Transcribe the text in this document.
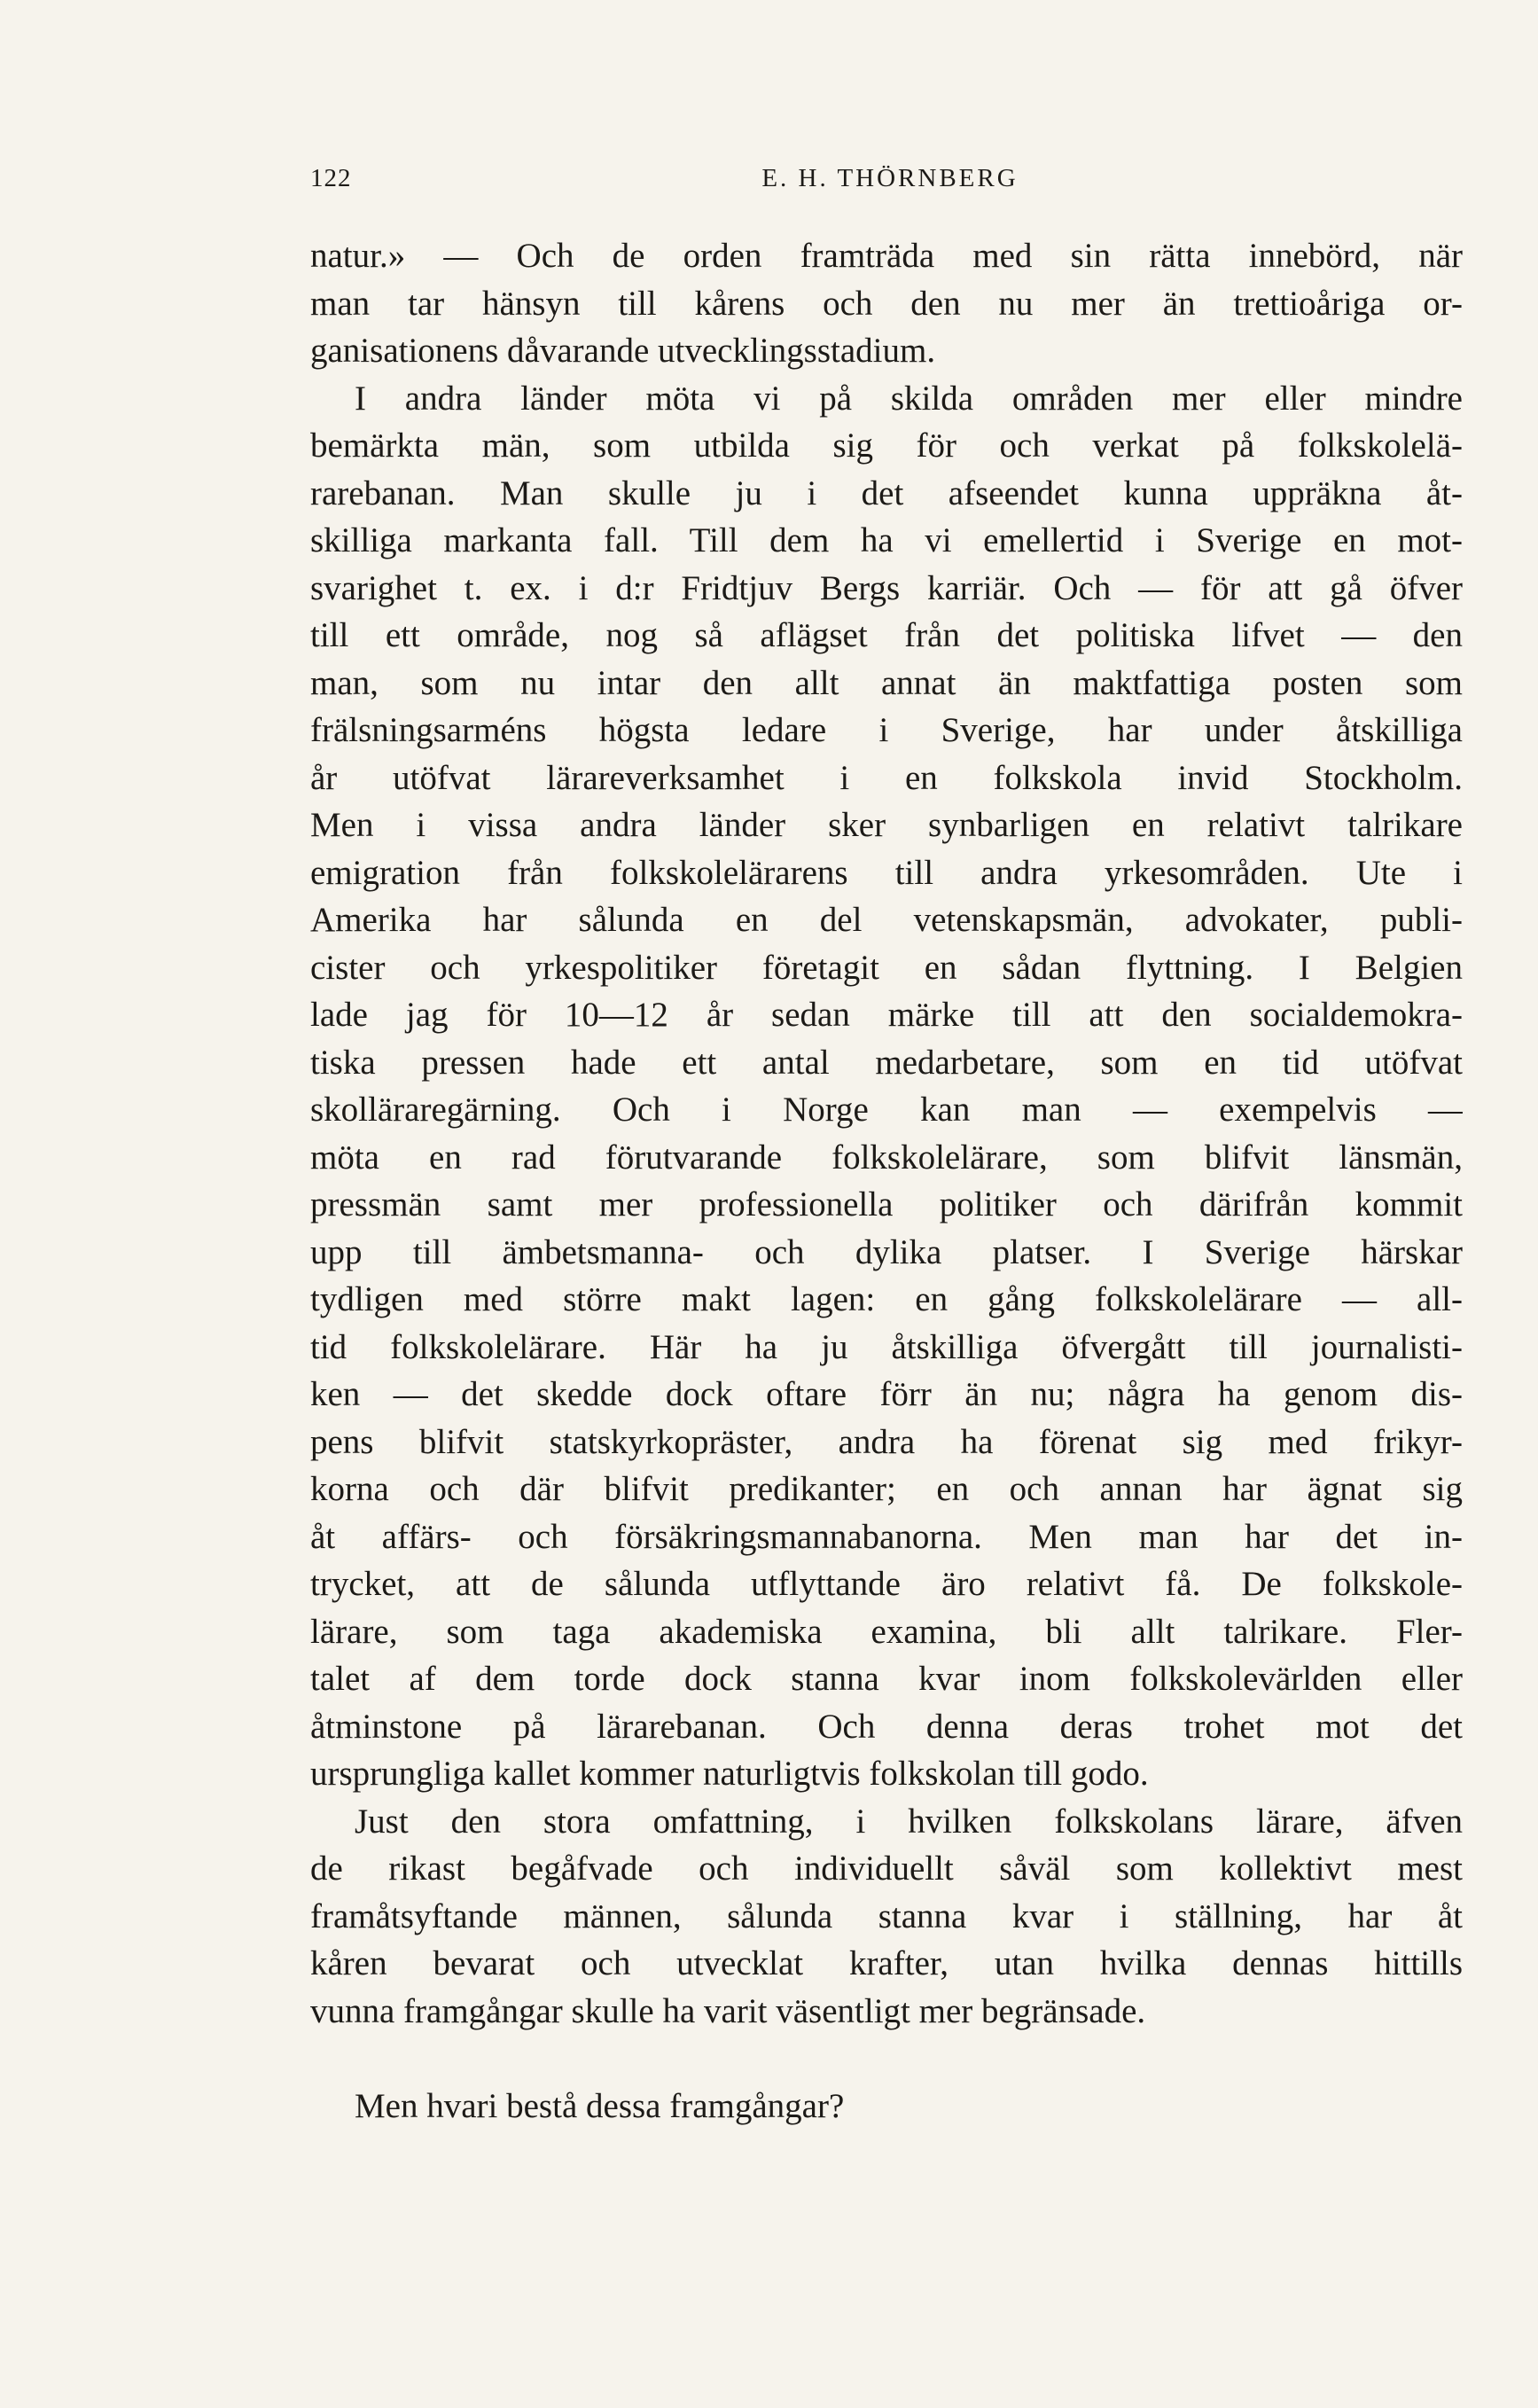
122	E. H. THÖRNBERG
natur.» — Och de orden framträda med sin rätta innebörd, när
man tar hänsyn till kårens och den nu mer än trettioåriga or-
ganisationens dåvarande utvecklingsstadium.
I andra länder möta vi på skilda områden mer eller mindre
bemärkta män, som utbilda sig för och verkat på folkskolelä-
rarebanan. Man skulle ju i det afseendet kunna uppräkna åt-
skilliga markanta fall. Till dem ha vi emellertid i Sverige en mot-
svarighet t. ex. i d:r Fridtjuv Bergs karriär. Och — för att gå öfver
till ett område, nog så aflägset från det politiska lifvet — den
man, som nu intar den allt annat än maktfattiga posten som
frälsningsarméns högsta ledare i Sverige, har under åtskilliga
år utöfvat lärareverksamhet i en folkskola invid Stockholm.
Men i vissa andra länder sker synbarligen en relativt talrikare
emigration från folkskolelärarens till andra yrkesområden. Ute i
Amerika har sålunda en del vetenskapsmän, advokater, publi-
cister och yrkespolitiker företagit en sådan flyttning. I Belgien
lade jag för 10—12 år sedan märke till att den socialdemokra-
tiska pressen hade ett antal medarbetare, som en tid utöfvat
skolläraregärning. Och i Norge kan man — exempelvis —
möta en rad förutvarande folkskolelärare, som blifvit länsmän,
pressmän samt mer professionella politiker och därifrån kommit
upp till ämbetsmanna- och dylika platser. I Sverige härskar
tydligen med större makt lagen: en gång folkskolelärare — all-
tid folkskolelärare. Här ha ju åtskilliga öfvergått till journalisti-
ken — det skedde dock oftare förr än nu; några ha genom dis-
pens blifvit statskyrkopräster, andra ha förenat sig med frikyr-
korna och där blifvit predikanter; en och annan har ägnat sig
åt affärs- och försäkringsmannabanorna. Men man har det in-
trycket, att de sålunda utflyttande äro relativt få. De folkskole-
lärare, som taga akademiska examina, bli allt talrikare. Fler-
talet af dem torde dock stanna kvar inom folkskolevärlden eller
åtminstone på lärarebanan. Och denna deras trohet mot det
ursprungliga kallet kommer naturligtvis folkskolan till godo.
Just den stora omfattning, i hvilken folkskolans lärare, äfven
de rikast begåfvade och individuellt såväl som kollektivt mest
framåtsyftande männen, sålunda stanna kvar i ställning, har åt
kåren bevarat och utvecklat krafter, utan hvilka dennas hittills
vunna framgångar skulle ha varit väsentligt mer begränsade.
Men hvari bestå dessa framgångar?
